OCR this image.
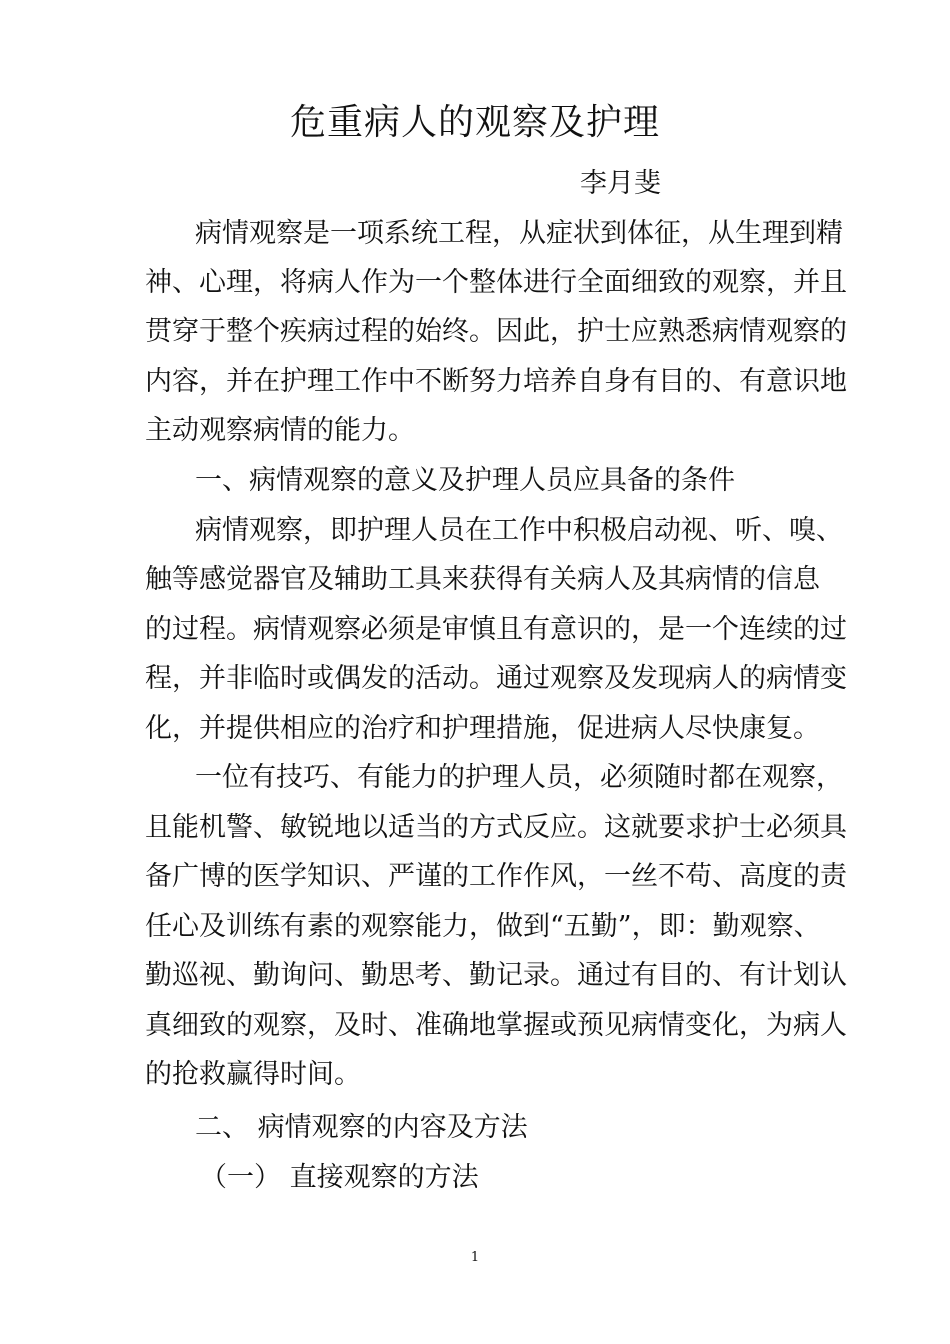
危重病人的观察及护理
李月斐
病情观察是一项系统工程，从症状到体征，从生理到精
神、心理，将病人作为一个整体进行全面细致的观察，并且
贯穿于整个疾病过程的始终。因此，护士应熟悉病情观察的
内容，并在护理工作中不断努力培养自身有目的、有意识地
主动观察病情的能力。
一、病情观察的意义及护理人员应具备的条件
病情观察，即护理人员在工作中积极启动视、听、嗅、
触等感觉器官及辅助工具来获得有关病人及其病情的信息
的过程。病情观察必须是审慎且有意识的，是一个连续的过
程，并非临时或偶发的活动。通过观察及发现病人的病情变
化，并提供相应的治疗和护理措施，促进病人尽快康复。
一位有技巧、有能力的护理人员，必须随时都在观察，
且能机警、敏锐地以适当的方式反应。这就要求护士必须具
备广博的医学知识、严谨的工作作风，一丝不苟、高度的责
任心及训练有素的观察能力，做到“五勤”，即：勤观察、
勤巡视、勤询问、勤思考、勤记录。通过有目的、有计划认
真细致的观察，及时、准确地掌握或预见病情变化，为病人
的抢救赢得时间。
二、 病情观察的内容及方法
（一） 直接观察的方法
1
